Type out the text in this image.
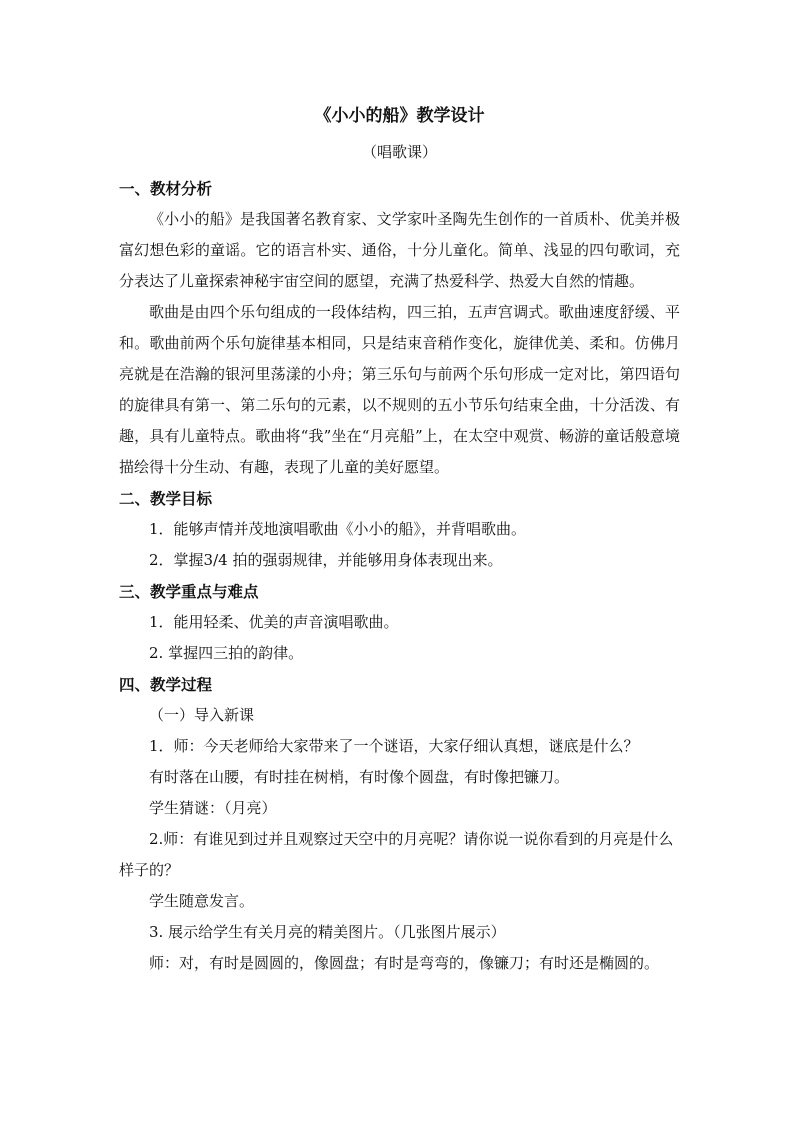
《小小的船》教学设计
（唱歌课）
一、教材分析

《小小的船》是我国著名教育家、文学家叶圣陶先生创作的一首质朴、优美并极富幻想色彩的童谣。它的语言朴实、通俗，十分儿童化。简单、浅显的四句歌词，充分表达了儿童探索神秘宇宙空间的愿望，充满了热爱科学、热爱大自然的情趣。

歌曲是由四个乐句组成的一段体结构，四三拍，五声宫调式。歌曲速度舒缓、平和。歌曲前两个乐句旋律基本相同，只是结束音稍作变化，旋律优美、柔和。仿佛月亮就是在浩瀚的银河里荡漾的小舟；第三乐句与前两个乐句形成一定对比，第四语句的旋律具有第一、第二乐句的元素，以不规则的五小节乐句结束全曲，十分活泼、有趣，具有儿童特点。歌曲将“我”坐在“月亮船”上，在太空中观赏、畅游的童话般意境描绘得十分生动、有趣，表现了儿童的美好愿望。

二、教学目标

1．能够声情并茂地演唱歌曲《小小的船》，并背唱歌曲。

2．掌握3/4 拍的强弱规律，并能够用身体表现出来。

三、教学重点与难点

1．能用轻柔、优美的声音演唱歌曲。

2. 掌握四三拍的韵律。

四、教学过程

（一）导入新课

1．师：今天老师给大家带来了一个谜语，大家仔细认真想，谜底是什么？

有时落在山腰，有时挂在树梢，有时像个圆盘，有时像把镰刀。

学生猜谜：（月亮）

2.师：有谁见到过并且观察过天空中的月亮呢？请你说一说你看到的月亮是什么样子的？

学生随意发言。

3. 展示给学生有关月亮的精美图片。（几张图片展示）

师：对，有时是圆圆的，像圆盘；有时是弯弯的，像镰刀；有时还是椭圆的。
